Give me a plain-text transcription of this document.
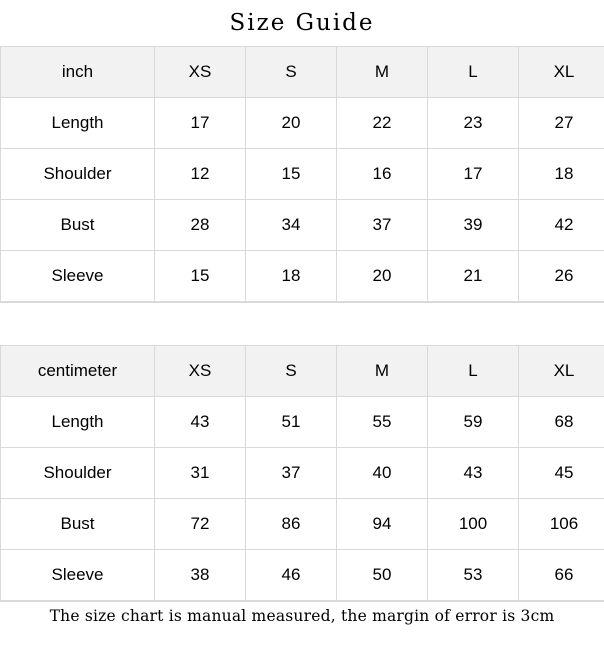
Size Guide
inch	XS	S	M	L	XL
Length	17	20	22	23	27
Shoulder	12	15	16	17	18
Bust	28	34	37	39	42
Sleeve	15	18	20	21	26
centimeter	XS	S	M	L	XL
Length	43	51	55	59	68
Shoulder	31	37	40	43	45
Bust	72	86	94	100	106
Sleeve	38	46	50	53	66
The size chart is manual measured, the margin of error is 3cm
